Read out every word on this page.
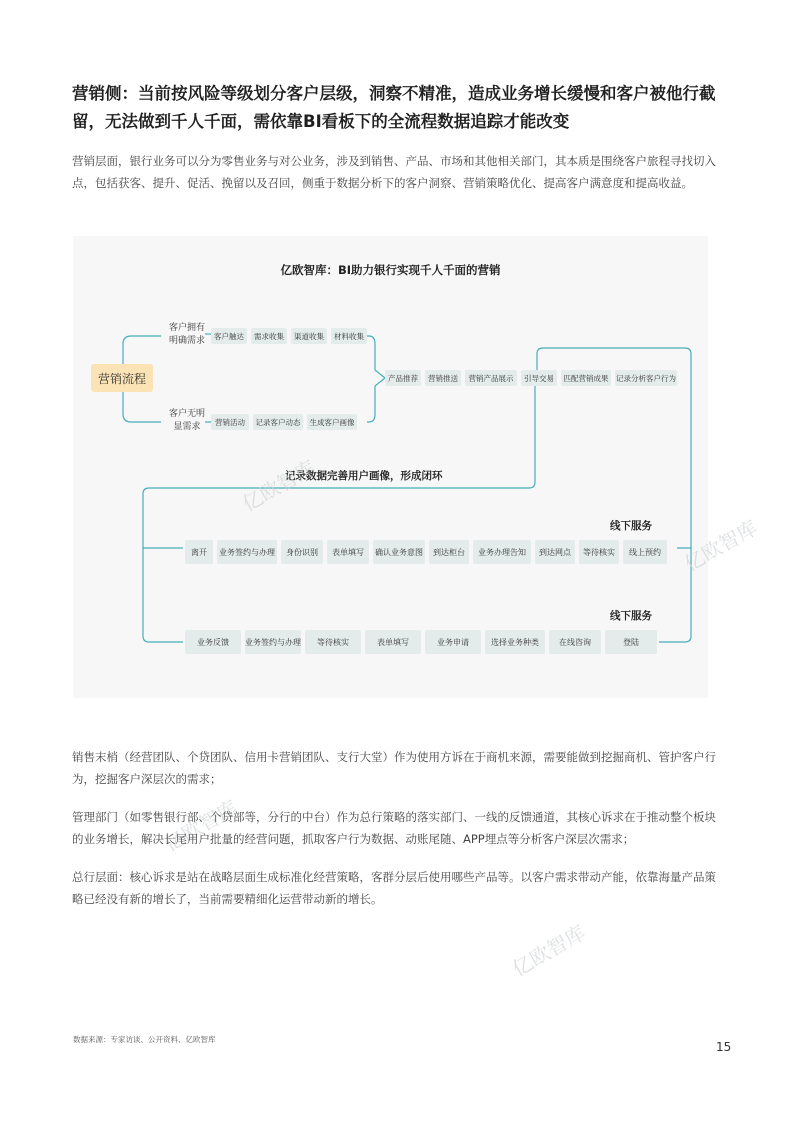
营销侧：当前按风险等级划分客户层级，洞察不精准，造成业务增长缓慢和客户被他行截留，无法做到千人千面，需依靠BI看板下的全流程数据追踪才能改变
营销层面，银行业务可以分为零售业务与对公业务，涉及到销售、产品、市场和其他相关部门，其本质是围绕客户旅程寻找切入点，包括获客、提升、促活、挽留以及召回，侧重于数据分析下的客户洞察、营销策略优化、提高客户满意度和提高收益。
亿欧智库：BI助力银行实现千人千面的营销
营销流程
客户拥有明确需求
客户无明显需求
客户触达	需求收集	渠道收集	材料收集
营销活动	记录客户动态	生成客户画像
产品推荐	营销推送	营销产品展示	引导交易	匹配营销成果	记录分析客户行为
记录数据完善用户画像，形成闭环
线下服务
离开	业务签约与办理	身份识别	表单填写	确认业务意图	到达柜台	业务办理告知	到达网点	等待核实	线上预约
线下服务
业务反馈	业务签约与办理	等待核实	表单填写	业务申请	选择业务种类	在线咨询	登陆
亿欧智库
亿欧智库
亿欧智库
亿欧智库
销售末梢（经营团队、个贷团队、信用卡营销团队、支行大堂）作为使用方诉在于商机来源，需要能做到挖掘商机、管护客户行为，挖掘客户深层次的需求；
管理部门（如零售银行部、个贷部等，分行的中台）作为总行策略的落实部门、一线的反馈通道，其核心诉求在于推动整个板块的业务增长，解决长尾用户批量的经营问题，抓取客户行为数据、动账尾随、APP埋点等分析客户深层次需求；
总行层面：核心诉求是站在战略层面生成标准化经营策略，客群分层后使用哪些产品等。以客户需求带动产能，依靠海量产品策略已经没有新的增长了，当前需要精细化运营带动新的增长。
数据来源：专家访谈、公开资料、亿欧智库
15
